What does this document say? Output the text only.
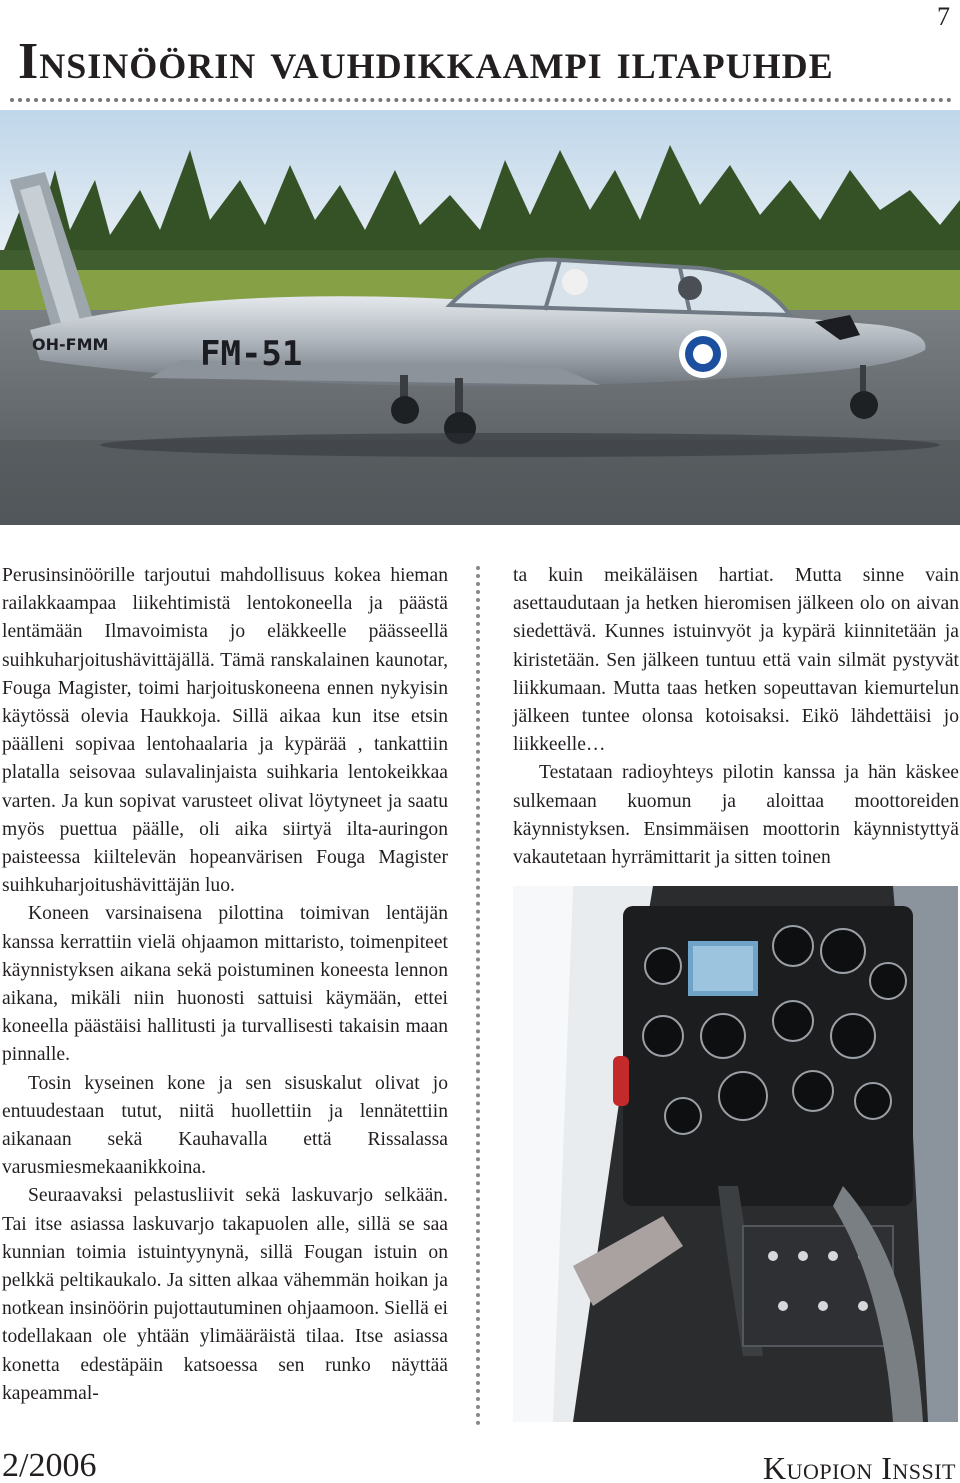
7
Insinöörin vauhdikkaampi iltapuhde
OH-FMM	FM-51

Perusinsinöörille tarjoutui mahdollisuus kokea hieman railakkaampaa liikehtimistä lentokoneella ja päästä lentämään Ilmavoimista jo eläkkeelle päässeellä suihkuharjoitushävittäjällä. Tämä ranskalainen kaunotar, Fouga Magister, toimi harjoituskoneena ennen nykyisin käytössä olevia Haukkoja. Sillä aikaa kun itse etsin päälleni sopivaa lentohaalaria ja kypärää , tankattiin platalla seisovaa sulavalinjaista suihkaria lentokeikkaa varten. Ja kun sopivat varusteet olivat löytyneet ja saatu myös puettua päälle, oli aika siirtyä ilta-auringon paisteessa kiiltelevän hopeanvärisen Fouga Magister suihkuharjoitushävittäjän luo.

Koneen varsinaisena pilottina toimivan lentäjän kanssa kerrattiin vielä ohjaamon mittaristo, toimenpiteet käynnistyksen aikana sekä poistuminen koneesta lennon aikana, mikäli niin huonosti sattuisi käymään, ettei koneella päästäisi hallitusti ja turvallisesti takaisin maan pinnalle.

Tosin kyseinen kone ja sen sisuskalut olivat jo entuudestaan tutut, niitä huollettiin ja lennätettiin aikanaan sekä Kauhavalla että Rissalassa varusmiesmekaanikkoina.

Seuraavaksi pelastusliivit sekä laskuvarjo selkään. Tai itse asiassa laskuvarjo takapuolen alle, sillä se saa kunnian toimia istuintyynynä, sillä Fougan istuin on pelkkä peltikaukalo. Ja sitten alkaa vähemmän hoikan ja notkean insinöörin pujottautuminen ohjaamoon. Siellä ei todellakaan ole yhtään ylimääräistä tilaa. Itse asiassa konetta edestäpäin katsoessa sen runko näyttää kapeammal-

ta kuin meikäläisen hartiat. Mutta sinne vain asettaudutaan ja hetken hieromisen jälkeen olo on aivan siedettävä. Kunnes istuinvyöt ja kypärä kiinnitetään ja kiristetään. Sen jälkeen tuntuu että vain silmät pystyvät liikkumaan. Mutta taas hetken sopeuttavan kiemurtelun jälkeen tuntee olonsa kotoisaksi. Eikö lähdettäisi jo liikkeelle…

Testataan radioyhteys pilotin kanssa ja hän käskee sulkemaan kuomun ja aloittaa moottoreiden käynnistyksen. Ensimmäisen moottorin käynnistyttyä vakautetaan hyrrämittarit ja sitten toinen

2/2006	Kuopion Inssit
